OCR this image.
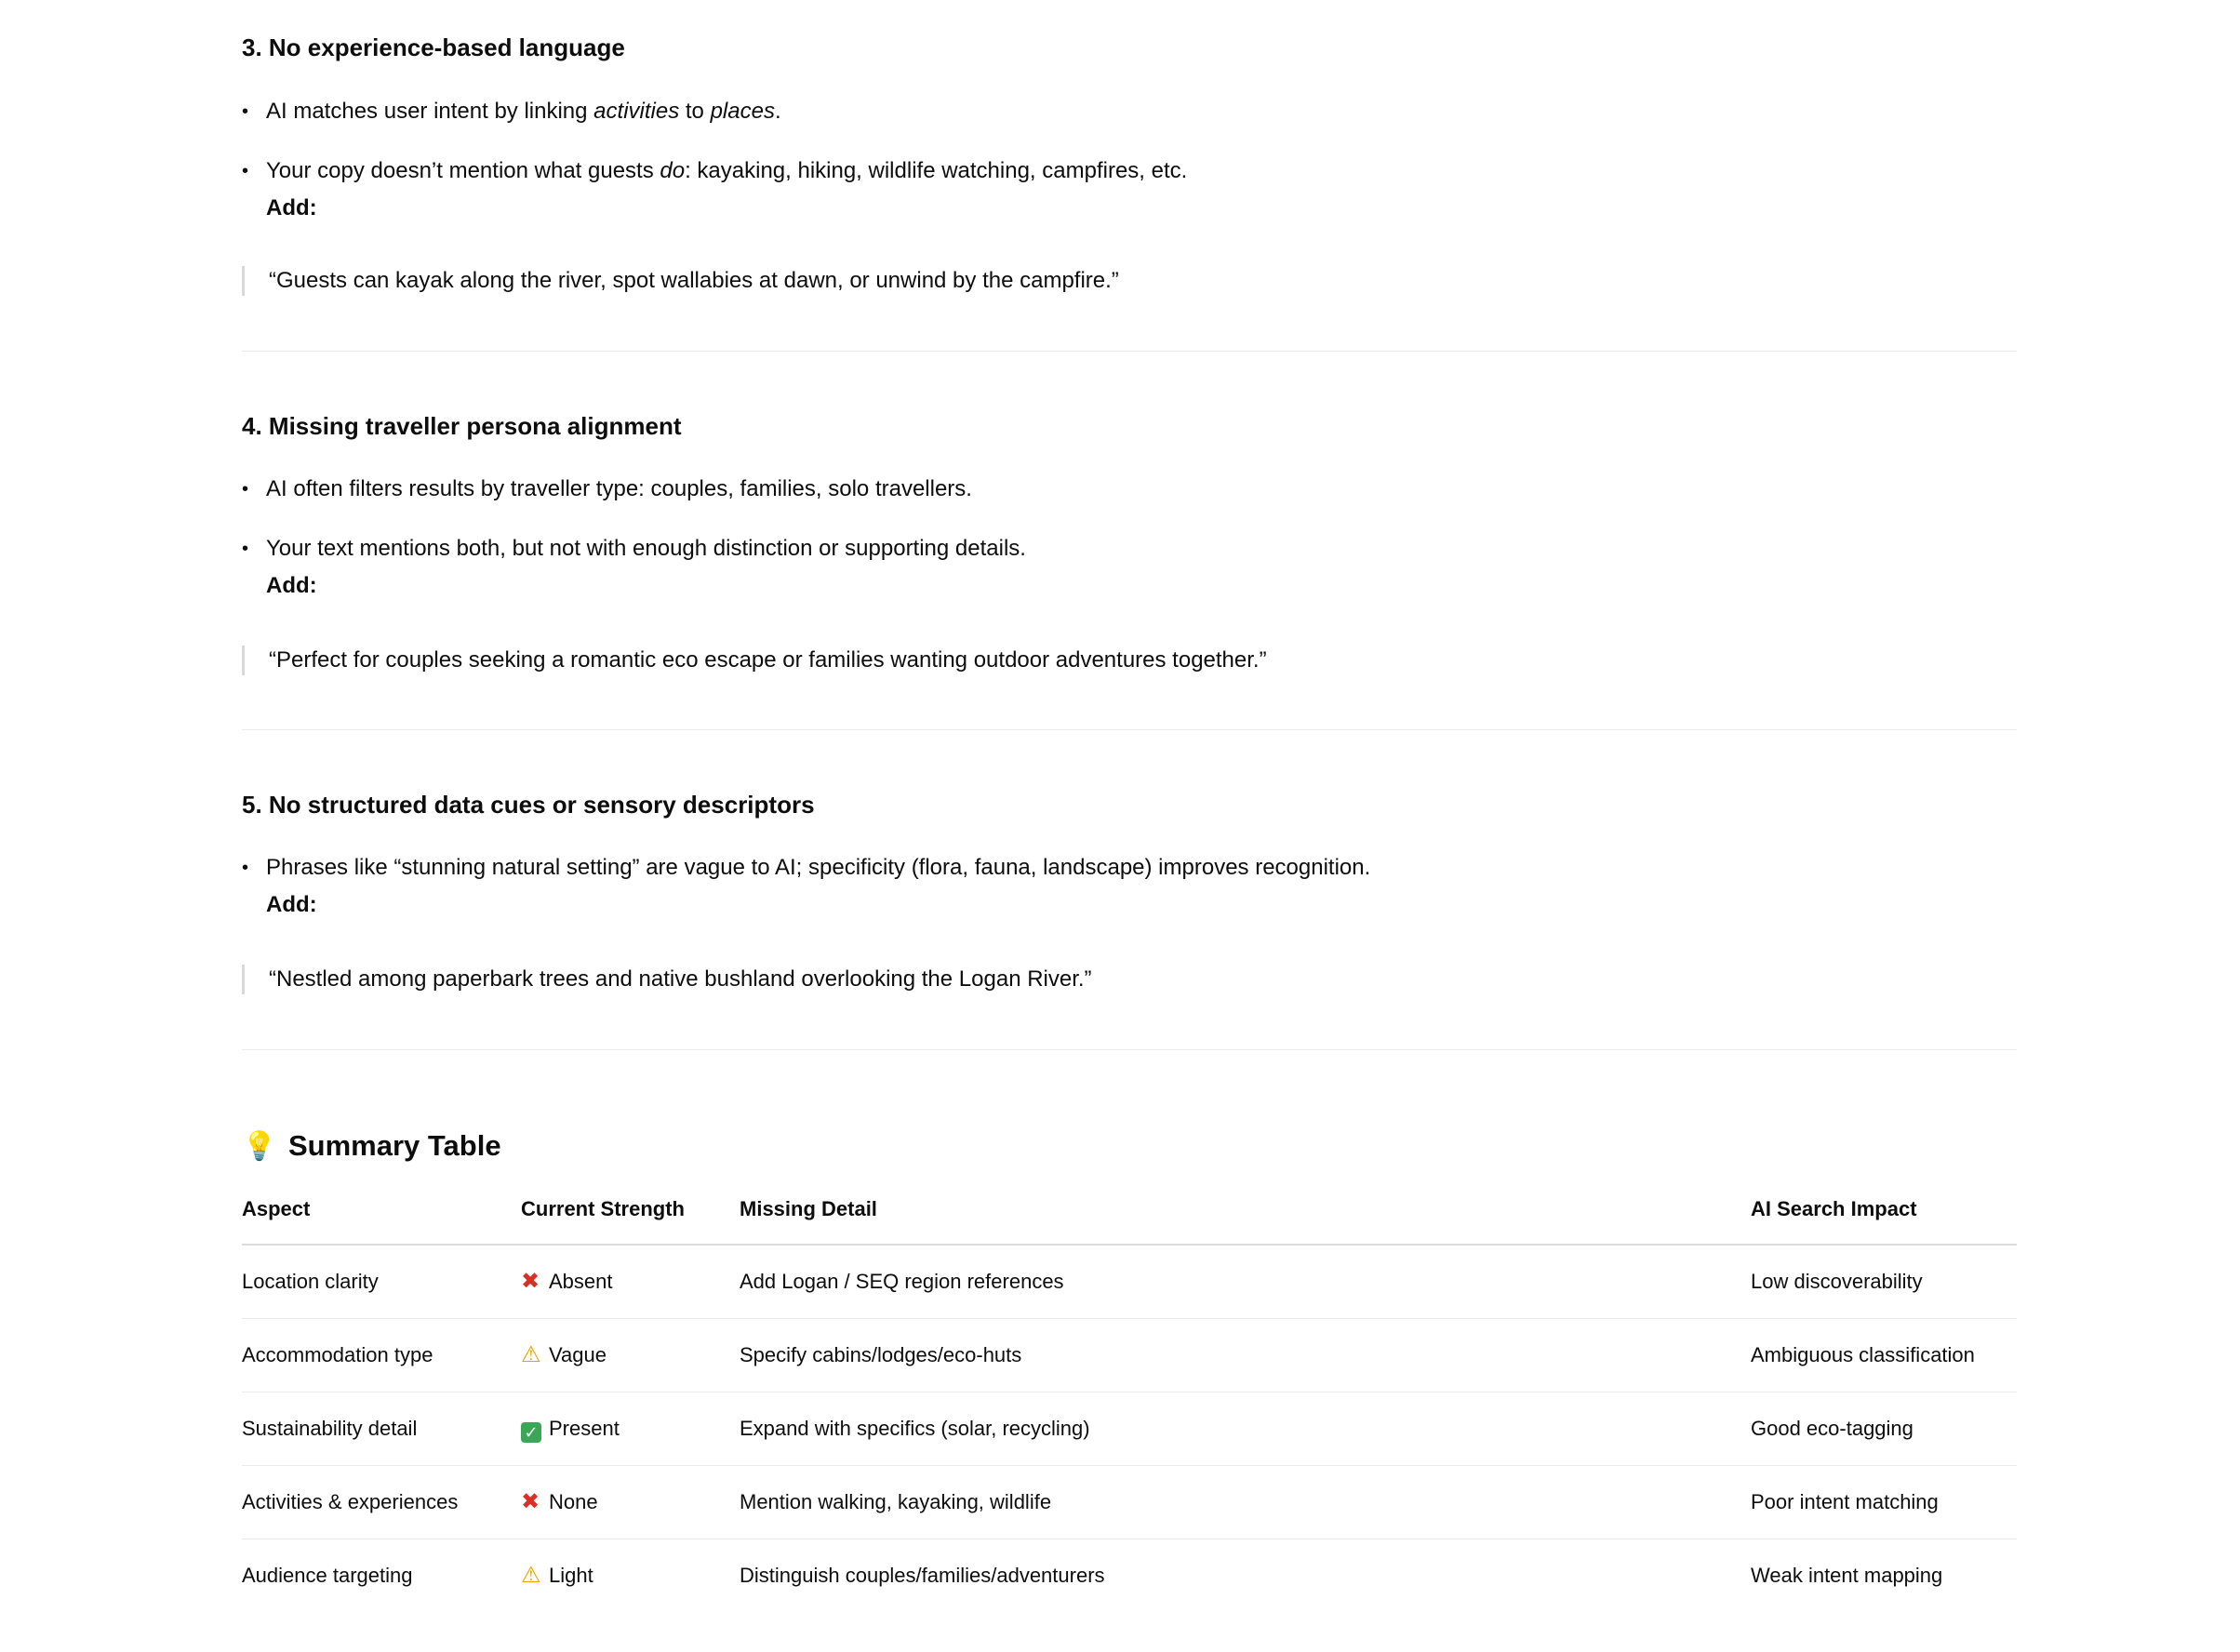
3. No experience-based language
• AI matches user intent by linking activities to places.
• Your copy doesn’t mention what guests do: kayaking, hiking, wildlife watching, campfires, etc.
Add:
“Guests can kayak along the river, spot wallabies at dawn, or unwind by the campfire.”
4. Missing traveller persona alignment
• AI often filters results by traveller type: couples, families, solo travellers.
• Your text mentions both, but not with enough distinction or supporting details.
Add:
“Perfect for couples seeking a romantic eco escape or families wanting outdoor adventures together.”
5. No structured data cues or sensory descriptors
• Phrases like “stunning natural setting” are vague to AI; specificity (flora, fauna, landscape) improves recognition.
Add:
“Nestled among paperbark trees and native bushland overlooking the Logan River.”
💡 Summary Table
Aspect	Current Strength	Missing Detail	AI Search Impact
Location clarity	✖ Absent	Add Logan / SEQ region references	Low discoverability
Accommodation type	⚠ Vague	Specify cabins/lodges/eco-huts	Ambiguous classification
Sustainability detail	✓ Present	Expand with specifics (solar, recycling)	Good eco-tagging
Activities & experiences	✖ None	Mention walking, kayaking, wildlife	Poor intent matching
Audience targeting	⚠ Light	Distinguish couples/families/adventurers	Weak intent mapping
